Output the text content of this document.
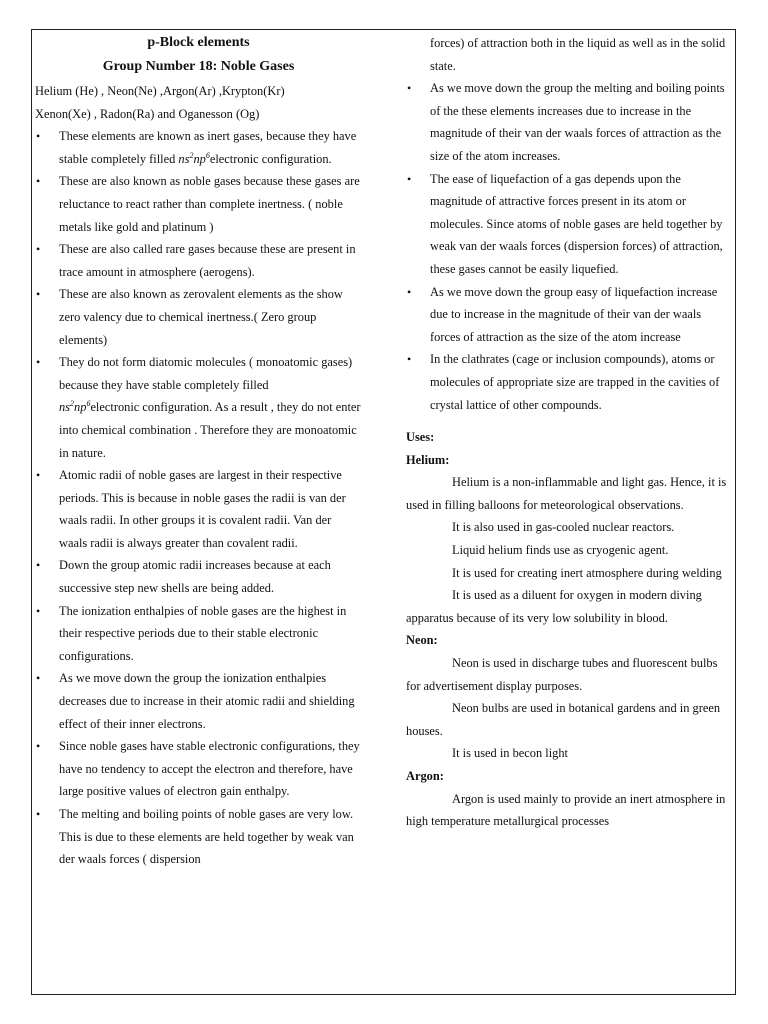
p-Block elements
Group Number 18: Noble Gases

Helium (He) , Neon(Ne) ,Argon(Ar) ,Krypton(Kr)

Xenon(Xe) , Radon(Ra) and Oganesson (Og)

• These elements are known as inert gases, because they have stable completely filled $ns^2np^6electronic$ configuration.
• These are also known as noble gases because these gases are reluctance to react rather than complete inertness. ( noble metals like gold and platinum )
• These are also called rare gases because these are present in trace amount in atmosphere (aerogens).
• These are also known as zerovalent elements as the show zero valency due to chemical inertness.( Zero group elements)
• They do not form diatomic molecules ( monoatomic gases) because they have stable completely filled
$ns^2np^6electronic$ configuration. As a result , they do not enter into chemical combination . Therefore they are monoatomic in nature.
• Atomic radii of noble gases are largest in their respective periods. This is because in noble gases the radii is van der waals radii. In other groups it is covalent radii. Van der waals radii is always greater than covalent radii.
• Down the group atomic radii increases because at each successive step new shells are being added.
• The ionization enthalpies of noble gases are the highest in their respective periods due to their stable electronic configurations.
• As we move down the group the ionization enthalpies decreases due to increase in their atomic radii and shielding effect of their inner electrons.
• Since noble gases have stable electronic configurations, they have no tendency to accept the electron and therefore, have large positive values of electron gain enthalpy.
• The melting and boiling points of noble gases are very low. This is due to these elements are held together by weak van der waals forces ( dispersion
forces) of attraction both in the liquid as well as in the solid state.
• As we move down the group the melting and boiling points of the these elements increases due to increase in the magnitude of their van der waals forces of attraction as the size of the atom increases.
• The ease of liquefaction of a gas depends upon the magnitude of attractive forces present in its atom or molecules. Since atoms of noble gases are held together by weak van der waals forces (dispersion forces) of attraction, these gases cannot be easily liquefied.
• As we move down the group easy of liquefaction increase due to increase in the magnitude of their van der waals forces of attraction as the size of the atom increase
• In the clathrates (cage or inclusion compounds), atoms or molecules of appropriate size are trapped in the cavities of crystal lattice of other compounds.

Uses:

Helium:

Helium is a non-inflammable and light gas. Hence, it is used in filling balloons for meteorological observations.

It is also used in gas-cooled nuclear reactors.

Liquid helium finds use as cryogenic agent.

It is used for creating inert atmosphere during welding

It is used as a diluent for oxygen in modern diving apparatus because of its very low solubility in blood.

Neon:

Neon is used in discharge tubes and fluorescent bulbs for advertisement display purposes.

Neon bulbs are used in botanical gardens and in green houses.

It is used in becon light

Argon:

Argon is used mainly to provide an inert atmosphere in high temperature metallurgical processes
